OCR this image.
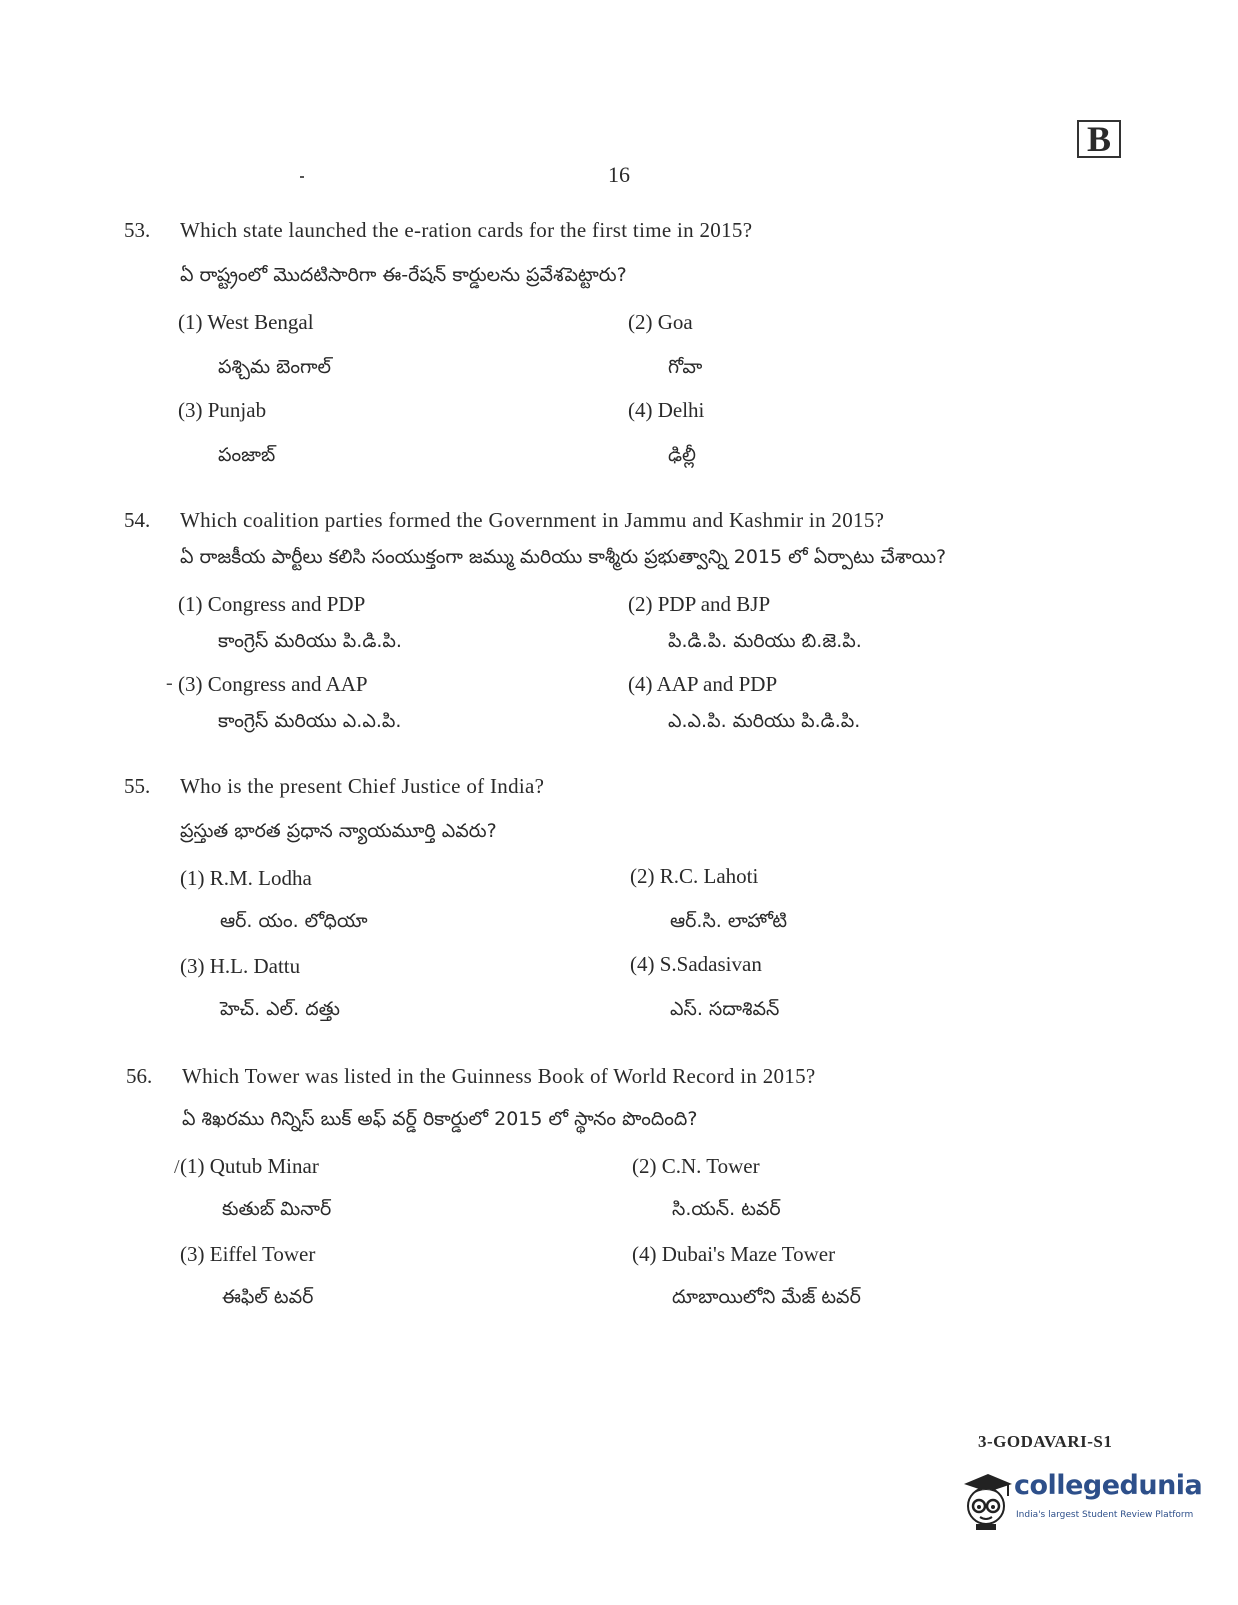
B
16
53. Which state launched the e-ration cards for the first time in 2015?
ఏ రాష్ట్రంలో మొదటిసారిగా ఈ-రేషన్ కార్డులను ప్రవేశపెట్టారు?
(1) West Bengal
పశ్చిమ బెంగాల్
(2) Goa
గోవా
(3) Punjab
పంజాబ్
(4) Delhi
ఢిల్లీ
54. Which coalition parties formed the Government in Jammu and Kashmir in 2015?
ఏ రాజకీయ పార్టీలు కలిసి సంయుక్తంగా జమ్ము మరియు కాశ్మీరు ప్రభుత్వాన్ని 2015 లో ఏర్పాటు చేశాయి?
(1) Congress and PDP
కాంగ్రెస్ మరియు పి.డి.పి.
(2) PDP and BJP
పి.డి.పి. మరియు బి.జె.పి.
- (3) Congress and AAP
కాంగ్రెస్ మరియు ఎ.ఎ.పి.
(4) AAP and PDP
ఎ.ఎ.పి. మరియు పి.డి.పి.
55. Who is the present Chief Justice of India?
ప్రస్తుత భారత ప్రధాన న్యాయమూర్తి ఎవరు?
(1) R.M. Lodha
ఆర్. యం. లోధియా
(2) R.C. Lahoti
ఆర్.సి. లాహోటి
(3) H.L. Dattu
హెచ్. ఎల్. దత్తు
(4) S.Sadasivan
ఎస్. సదాశివన్
56. Which Tower was listed in the Guinness Book of World Record in 2015?
ఏ శిఖరము గిన్నిస్ బుక్ అఫ్ వర్డ్ రికార్డులో 2015 లో స్థానం పొందింది?
/ (1) Qutub Minar
కుతుబ్ మినార్
(2) C.N. Tower
సి.యన్. టవర్
(3) Eiffel Tower
ఈఫిల్ టవర్
(4) Dubai's Maze Tower
దూబాయిలోని మేజ్ టవర్
3-GODAVARI-S1
collegedunia
India's largest Student Review Platform
